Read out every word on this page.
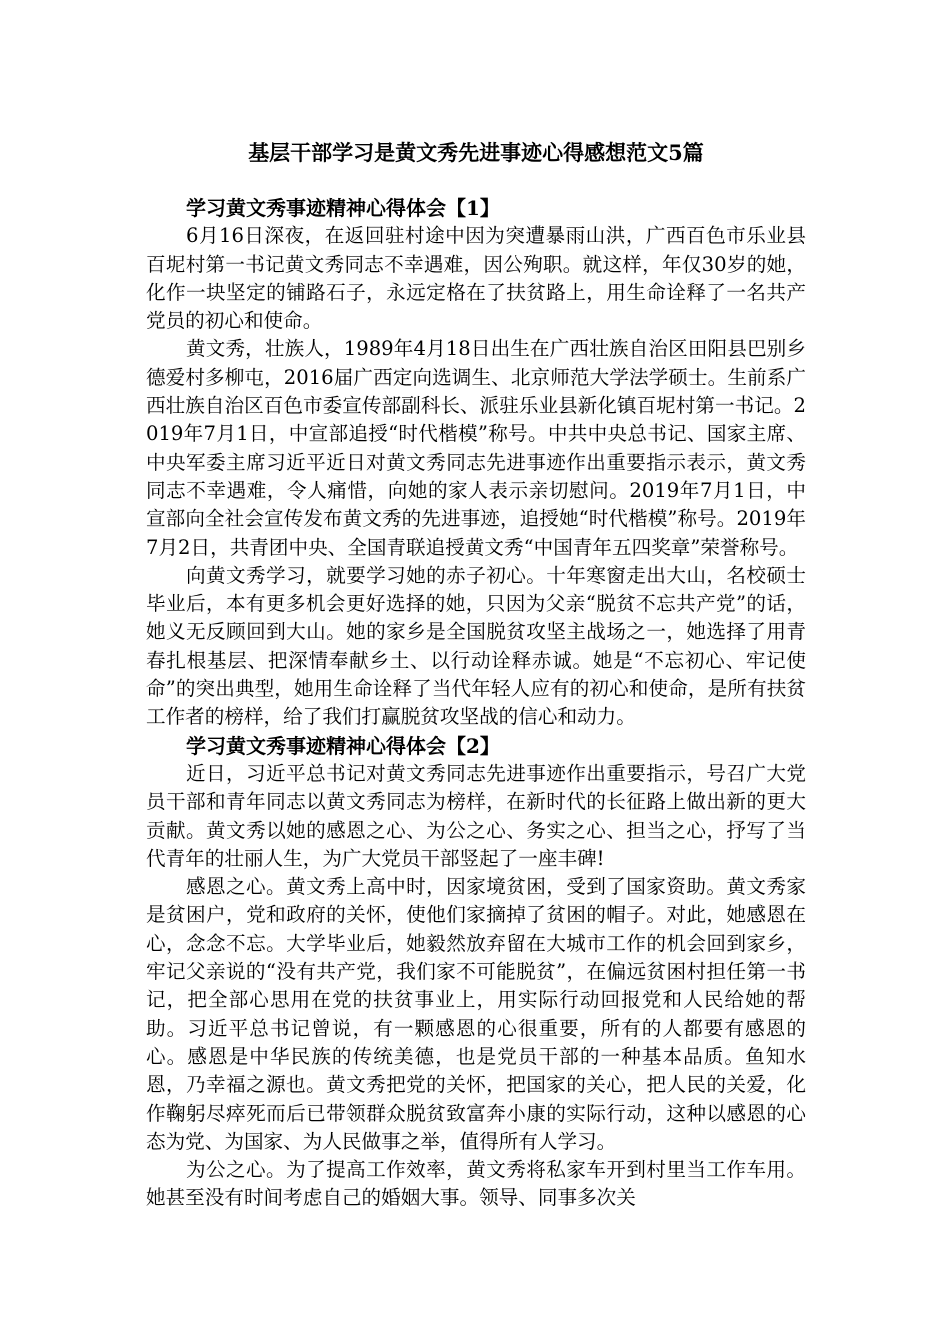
基层干部学习是黄文秀先进事迹心得感想范文5篇
学习黄文秀事迹精神心得体会【1】

6月16日深夜，在返回驻村途中因为突遭暴雨山洪，广西百色市乐业县百坭村第一书记黄文秀同志不幸遇难，因公殉职。就这样，年仅30岁的她，化作一块坚定的铺路石子，永远定格在了扶贫路上，用生命诠释了一名共产党员的初心和使命。

黄文秀，壮族人，1989年4月18日出生在广西壮族自治区田阳县巴别乡德爱村多柳屯，2016届广西定向选调生、北京师范大学法学硕士。生前系广西壮族自治区百色市委宣传部副科长、派驻乐业县新化镇百坭村第一书记。2019年7月1日，中宣部追授“时代楷模”称号。中共中央总书记、国家主席、中央军委主席习近平近日对黄文秀同志先进事迹作出重要指示表示，黄文秀同志不幸遇难，令人痛惜，向她的家人表示亲切慰问。2019年7月1日，中宣部向全社会宣传发布黄文秀的先进事迹，追授她“时代楷模”称号。2019年7月2日，共青团中央、全国青联追授黄文秀“中国青年五四奖章”荣誉称号。

向黄文秀学习，就要学习她的赤子初心。十年寒窗走出大山，名校硕士毕业后，本有更多机会更好选择的她，只因为父亲“脱贫不忘共产党”的话，她义无反顾回到大山。她的家乡是全国脱贫攻坚主战场之一，她选择了用青春扎根基层、把深情奉献乡土、以行动诠释赤诚。她是“不忘初心、牢记使命”的突出典型，她用生命诠释了当代年轻人应有的初心和使命，是所有扶贫工作者的榜样，给了我们打赢脱贫攻坚战的信心和动力。

学习黄文秀事迹精神心得体会【2】

近日，习近平总书记对黄文秀同志先进事迹作出重要指示，号召广大党员干部和青年同志以黄文秀同志为榜样，在新时代的长征路上做出新的更大贡献。黄文秀以她的感恩之心、为公之心、务实之心、担当之心，抒写了当代青年的壮丽人生，为广大党员干部竖起了一座丰碑!

感恩之心。黄文秀上高中时，因家境贫困，受到了国家资助。黄文秀家是贫困户，党和政府的关怀，使他们家摘掉了贫困的帽子。对此，她感恩在心，念念不忘。大学毕业后，她毅然放弃留在大城市工作的机会回到家乡，牢记父亲说的“没有共产党，我们家不可能脱贫”，在偏远贫困村担任第一书记，把全部心思用在党的扶贫事业上，用实际行动回报党和人民给她的帮助。习近平总书记曾说，有一颗感恩的心很重要，所有的人都要有感恩的心。感恩是中华民族的传统美德，也是党员干部的一种基本品质。鱼知水恩，乃幸福之源也。黄文秀把党的关怀，把国家的关心，把人民的关爱，化作鞠躬尽瘁死而后已带领群众脱贫致富奔小康的实际行动，这种以感恩的心态为党、为国家、为人民做事之举，值得所有人学习。

为公之心。为了提高工作效率，黄文秀将私家车开到村里当工作车用。她甚至没有时间考虑自己的婚姻大事。领导、同事多次关
